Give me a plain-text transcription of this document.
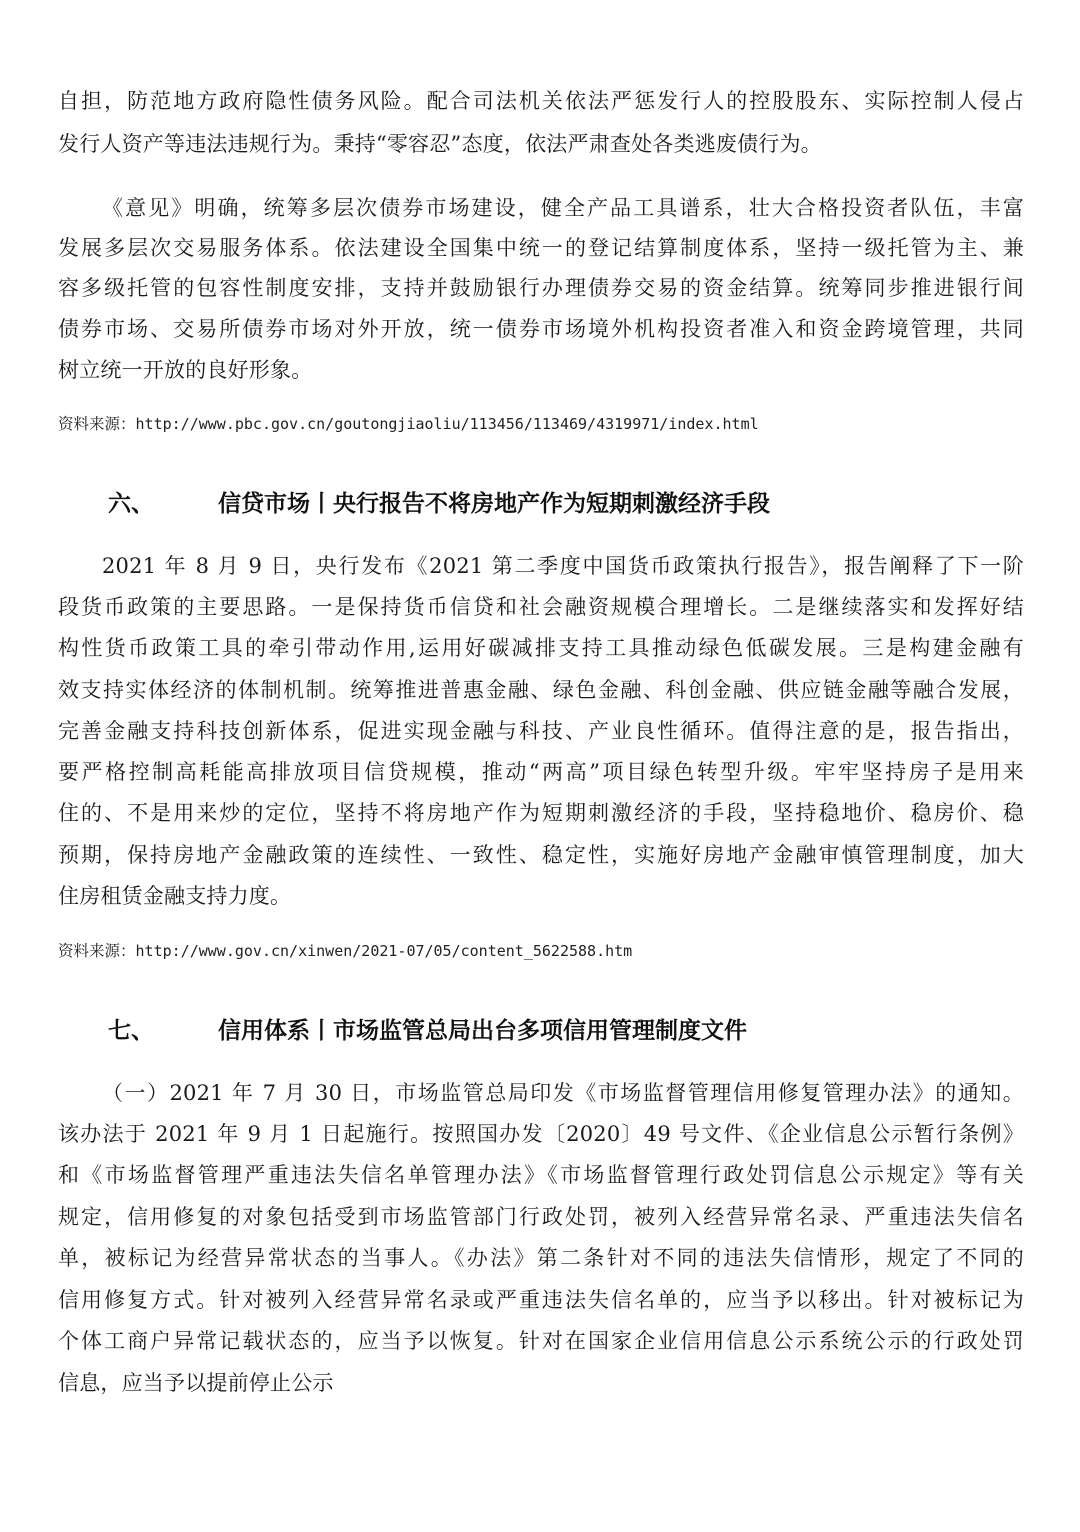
自担，防范地方政府隐性债务风险。配合司法机关依法严惩发行人的控股股东、实际控制人侵占
发行人资产等违法违规行为。秉持“零容忍”态度，依法严肃查处各类逃废债行为。
《意见》明确，统筹多层次债券市场建设，健全产品工具谱系，壮大合格投资者队伍，丰富
发展多层次交易服务体系。依法建设全国集中统一的登记结算制度体系，坚持一级托管为主、兼
容多级托管的包容性制度安排，支持并鼓励银行办理债券交易的资金结算。统筹同步推进银行间
债券市场、交易所债券市场对外开放，统一债券市场境外机构投资者准入和资金跨境管理，共同
树立统一开放的良好形象。
资料来源：http://www.pbc.gov.cn/goutongjiaoliu/113456/113469/4319971/index.html
六、	信贷市场丨央行报告不将房地产作为短期刺激经济手段
2021 年 8 月 9 日，央行发布《2021 第二季度中国货币政策执行报告》，报告阐释了下一阶
段货币政策的主要思路。一是保持货币信贷和社会融资规模合理增长。二是继续落实和发挥好结
构性货币政策工具的牵引带动作用,运用好碳减排支持工具推动绿色低碳发展。三是构建金融有
效支持实体经济的体制机制。统筹推进普惠金融、绿色金融、科创金融、供应链金融等融合发展，
完善金融支持科技创新体系，促进实现金融与科技、产业良性循环。值得注意的是，报告指出，
要严格控制高耗能高排放项目信贷规模，推动“两高”项目绿色转型升级。牢牢坚持房子是用来
住的、不是用来炒的定位，坚持不将房地产作为短期刺激经济的手段，坚持稳地价、稳房价、稳
预期，保持房地产金融政策的连续性、一致性、稳定性，实施好房地产金融审慎管理制度，加大
住房租赁金融支持力度。
资料来源：http://www.gov.cn/xinwen/2021-07/05/content_5622588.htm
七、	信用体系丨市场监管总局出台多项信用管理制度文件
（一）2021 年 7 月 30 日，市场监管总局印发《市场监督管理信用修复管理办法》的通知。
该办法于 2021 年 9 月 1 日起施行。按照国办发〔2020〕49 号文件、《企业信息公示暂行条例》
和《市场监督管理严重违法失信名单管理办法》《市场监督管理行政处罚信息公示规定》等有关
规定，信用修复的对象包括受到市场监管部门行政处罚，被列入经营异常名录、严重违法失信名
单，被标记为经营异常状态的当事人。《办法》第二条针对不同的违法失信情形，规定了不同的
信用修复方式。针对被列入经营异常名录或严重违法失信名单的，应当予以移出。针对被标记为
个体工商户异常记载状态的，应当予以恢复。针对在国家企业信用信息公示系统公示的行政处罚
信息，应当予以提前停止公示
